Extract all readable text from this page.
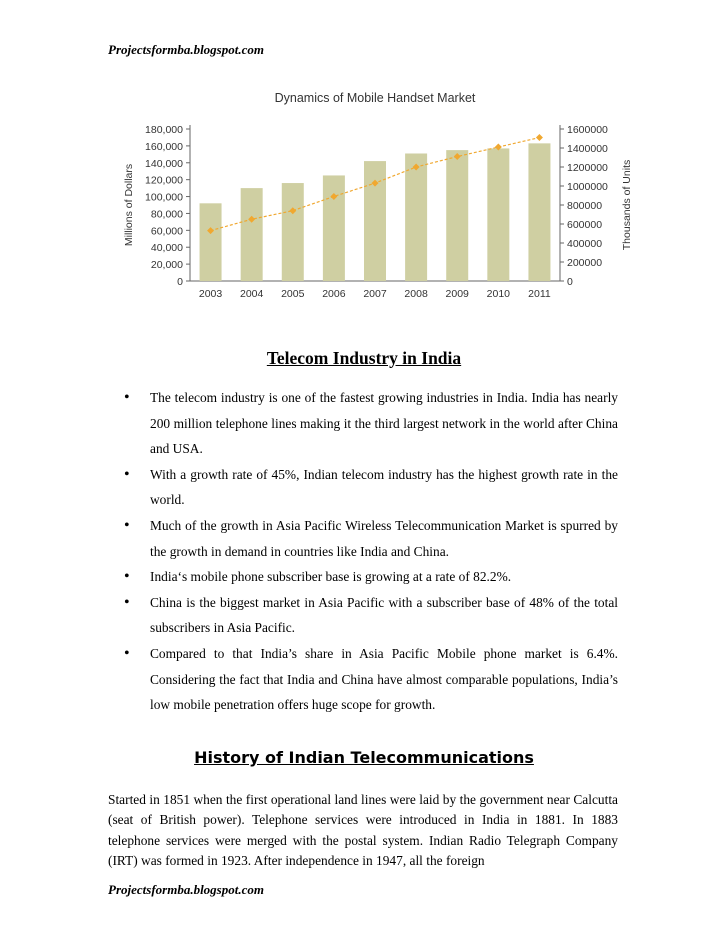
Projectsformba.blogspot.com
Dynamics of Mobile Handset Market
0
20,000
40,000
60,000
80,000
100,000
120,000
140,000
160,000
180,000
0
200000
400000
600000
800000
1000000
1200000
1400000
1600000
Millions of Dollars	Thousands of Units
2003 2004 2005 2006 2007 2008 2009 2010 2011
Telecom Industry in India
• The telecom industry is one of the fastest growing industries in India. India has nearly 200 million telephone lines making it the third largest network in the world after China and USA.
• With a growth rate of 45%, Indian telecom industry has the highest growth rate in the world.
• Much of the growth in Asia Pacific Wireless Telecommunication Market is spurred by the growth in demand in countries like India and China.
• India‘s mobile phone subscriber base is growing at a rate of 82.2%.
• China is the biggest market in Asia Pacific with a subscriber base of 48% of the total subscribers in Asia Pacific.
• Compared to that India’s share in Asia Pacific Mobile phone market is 6.4%. Considering the fact that India and China have almost comparable populations, India’s low mobile penetration offers huge scope for growth.
History of Indian Telecommunications

Started in 1851 when the first operational land lines were laid by the government near Calcutta (seat of British power). Telephone services were introduced in India in 1881. In 1883 telephone services were merged with the postal system. Indian Radio Telegraph Company (IRT) was formed in 1923. After independence in 1947, all the foreign

Projectsformba.blogspot.com
